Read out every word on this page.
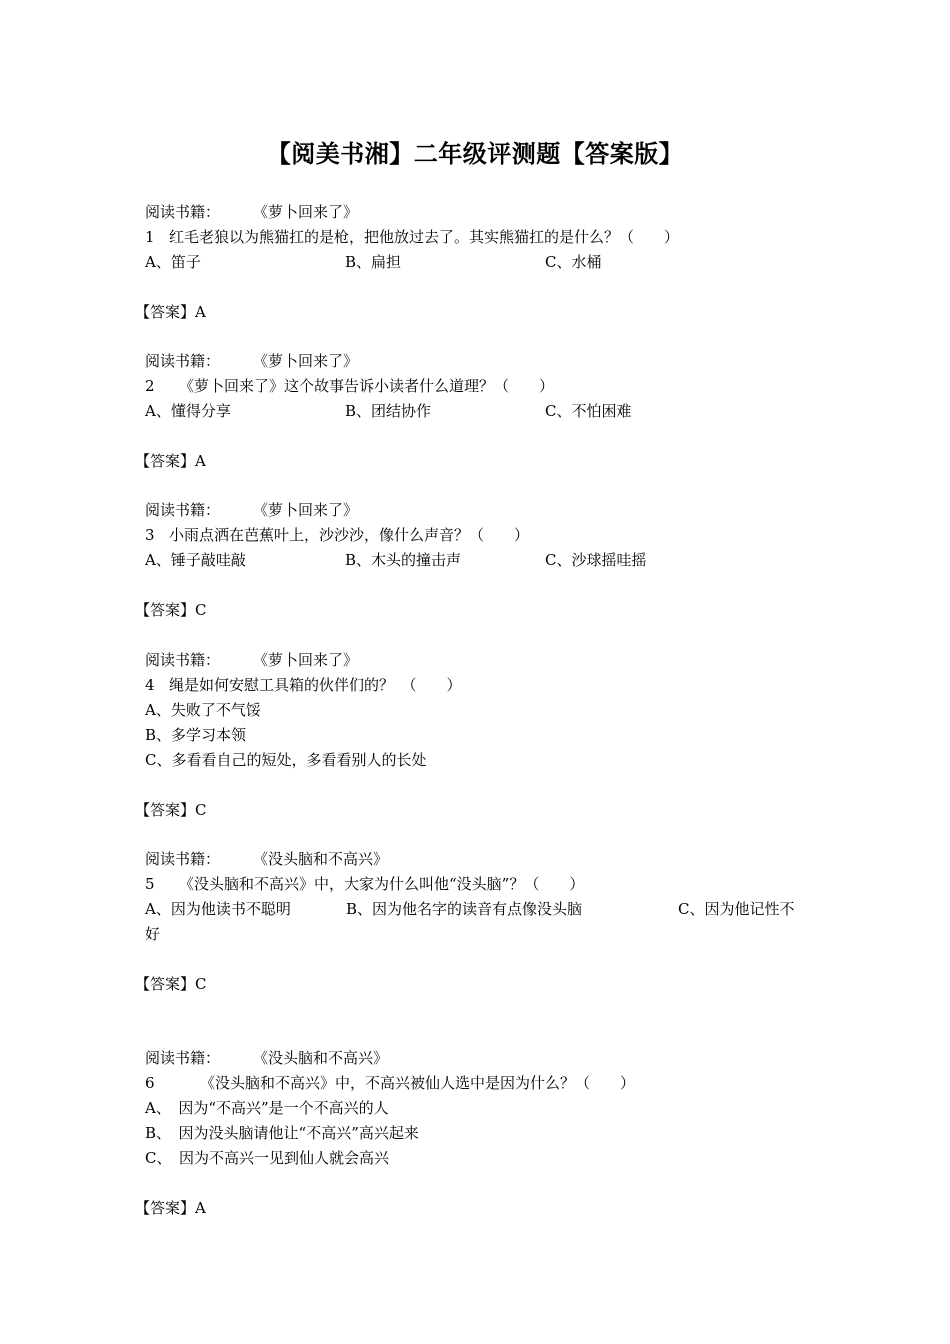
【阅美书湘】二年级评测题【答案版】
阅读书籍： 《萝卜回来了》
1 红毛老狼以为熊猫扛的是枪，把他放过去了。其实熊猫扛的是什么？（　　）
A、笛子	B、扁担	C、水桶
【答案】A
阅读书籍： 《萝卜回来了》
2 《萝卜回来了》这个故事告诉小读者什么道理？（　　）
A、懂得分享	B、团结协作	C、不怕困难
【答案】A
阅读书籍： 《萝卜回来了》
3 小雨点洒在芭蕉叶上，沙沙沙，像什么声音？（　　）
A、锤子敲哇敲	B、木头的撞击声	C、沙球摇哇摇
【答案】C
阅读书籍： 《萝卜回来了》
4 绳是如何安慰工具箱的伙伴们的？　（　　）
A、失败了不气馁
B、多学习本领
C、多看看自己的短处，多看看别人的长处
【答案】C
阅读书籍： 《没头脑和不高兴》
5 《没头脑和不高兴》中，大家为什么叫他“没头脑”？（　　）
A、因为他读书不聪明	B、因为他名字的读音有点像没头脑	C、因为他记性不
好
【答案】C
阅读书籍： 《没头脑和不高兴》
6	《没头脑和不高兴》中，不高兴被仙人选中是因为什么？（　　）
A、　因为“不高兴”是一个不高兴的人
B、　因为没头脑请他让“不高兴”高兴起来
C、　因为不高兴一见到仙人就会高兴
【答案】A
